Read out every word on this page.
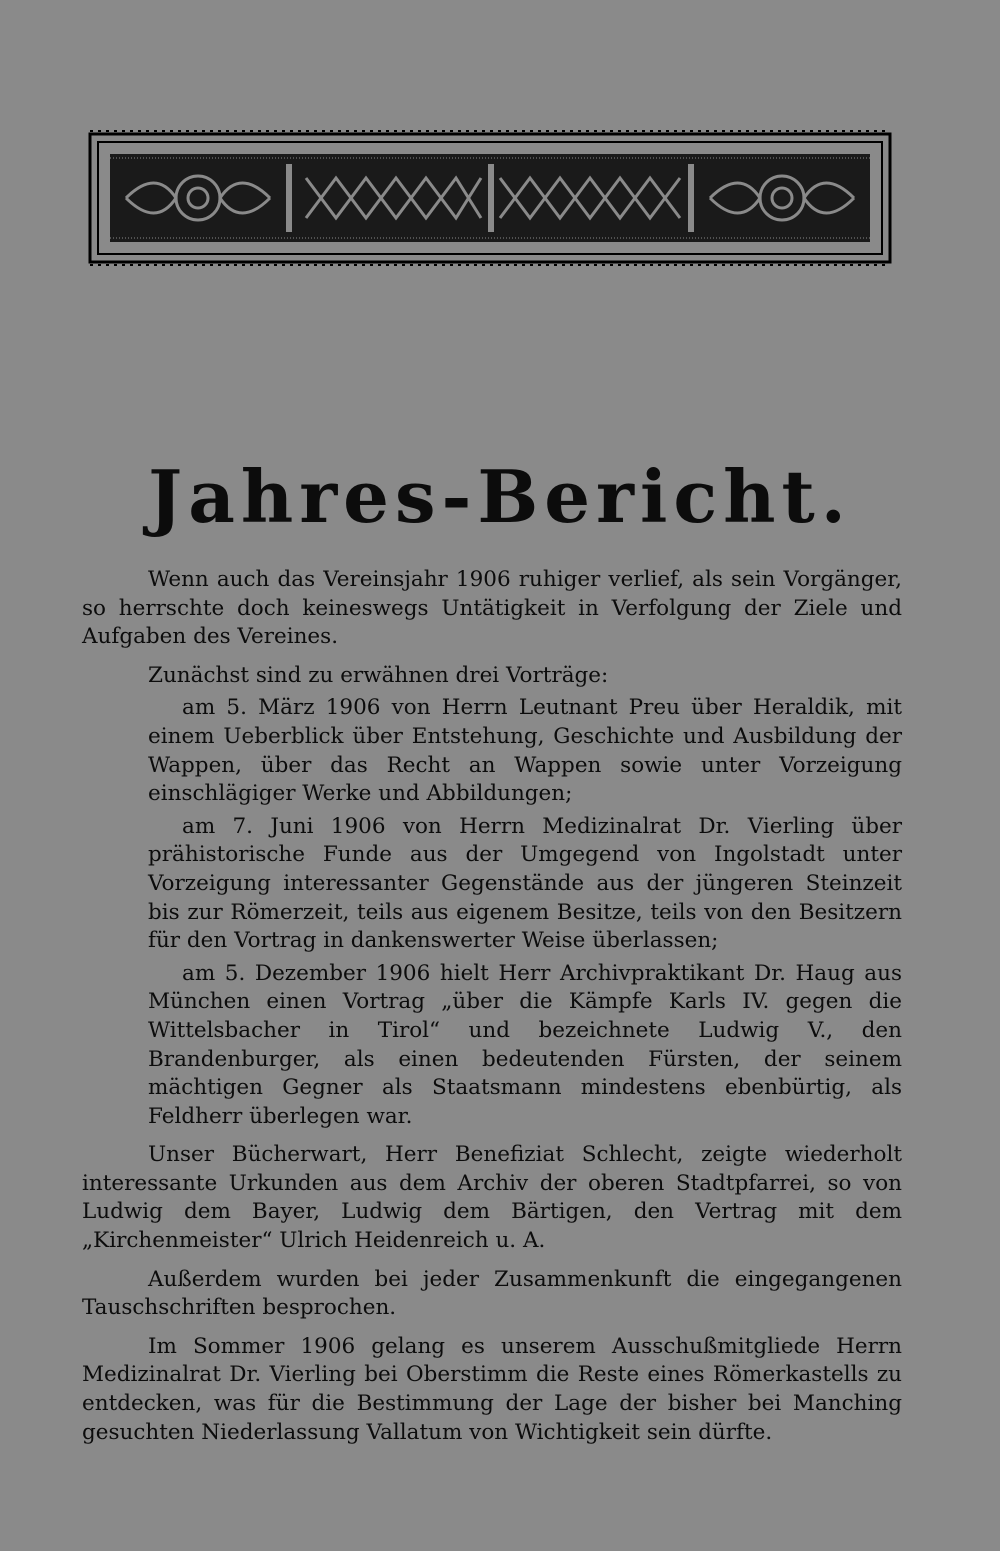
Jahres-Bericht.

Wenn auch das Vereinsjahr 1906 ruhiger verlief, als sein Vorgänger, so herrschte doch keineswegs Untätigkeit in Verfolgung der Ziele und Aufgaben des Vereines.

Zunächst sind zu erwähnen drei Vorträge:

am 5. März 1906 von Herrn Leutnant Preu über Heraldik, mit einem Ueberblick über Entstehung, Geschichte und Ausbildung der Wappen, über das Recht an Wappen sowie unter Vorzeigung einschlägiger Werke und Abbildungen;

am 7. Juni 1906 von Herrn Medizinalrat Dr. Vierling über prähistorische Funde aus der Umgegend von Ingolstadt unter Vorzeigung interessanter Gegenstände aus der jüngeren Steinzeit bis zur Römerzeit, teils aus eigenem Besitze, teils von den Besitzern für den Vortrag in dankenswerter Weise überlassen;

am 5. Dezember 1906 hielt Herr Archivpraktikant Dr. Haug aus München einen Vortrag „über die Kämpfe Karls IV. gegen die Wittelsbacher in Tirol“ und bezeichnete Ludwig V., den Brandenburger, als einen bedeutenden Fürsten, der seinem mächtigen Gegner als Staatsmann mindestens ebenbürtig, als Feldherr überlegen war.

Unser Bücherwart, Herr Benefiziat Schlecht, zeigte wiederholt interessante Urkunden aus dem Archiv der oberen Stadtpfarrei, so von Ludwig dem Bayer, Ludwig dem Bärtigen, den Vertrag mit dem „Kirchenmeister“ Ulrich Heidenreich u. A.

Außerdem wurden bei jeder Zusammenkunft die eingegangenen Tauschschriften besprochen.

Im Sommer 1906 gelang es unserem Ausschußmitgliede Herrn Medizinalrat Dr. Vierling bei Oberstimm die Reste eines Römerkastells zu entdecken, was für die Bestimmung der Lage der bisher bei Manching gesuchten Niederlassung Vallatum von Wichtigkeit sein dürfte.
